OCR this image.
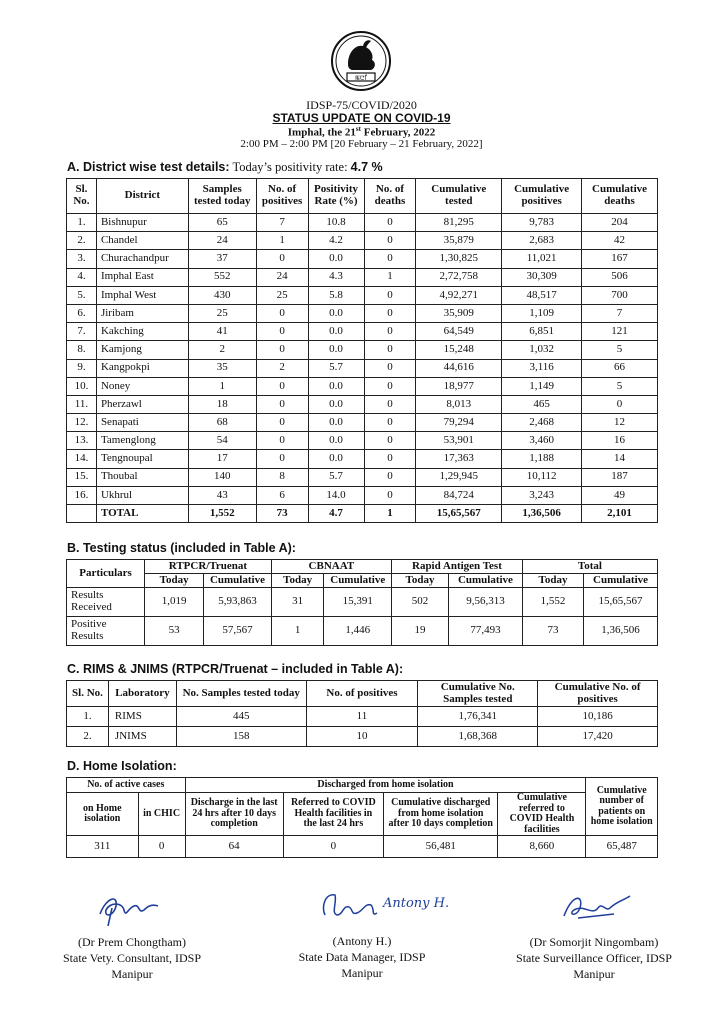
ꯃꯅꯤ
IDSP-75/COVID/2020
STATUS UPDATE ON COVID-19
Imphal, the 21st February, 2022
2:00 PM – 2:00 PM [20 February – 21 February, 2022]
A. District wise test details: Today’s positivity rate: 4.7 %
Sl. No.	District	Samples tested today	No. of positives	Positivity Rate (%)	No. of deaths	Cumulative tested	Cumulative positives	Cumulative deaths
1.	Bishnupur	65	7	10.8	0	81,295	9,783	204
2.	Chandel	24	1	4.2	0	35,879	2,683	42
3.	Churachandpur	37	0	0.0	0	1,30,825	11,021	167
4.	Imphal East	552	24	4.3	1	2,72,758	30,309	506
5.	Imphal West	430	25	5.8	0	4,92,271	48,517	700
6.	Jiribam	25	0	0.0	0	35,909	1,109	7
7.	Kakching	41	0	0.0	0	64,549	6,851	121
8.	Kamjong	2	0	0.0	0	15,248	1,032	5
9.	Kangpokpi	35	2	5.7	0	44,616	3,116	66
10.	Noney	1	0	0.0	0	18,977	1,149	5
11.	Pherzawl	18	0	0.0	0	8,013	465	0
12.	Senapati	68	0	0.0	0	79,294	2,468	12
13.	Tamenglong	54	0	0.0	0	53,901	3,460	16
14.	Tengnoupal	17	0	0.0	0	17,363	1,188	14
15.	Thoubal	140	8	5.7	0	1,29,945	10,112	187
16.	Ukhrul	43	6	14.0	0	84,724	3,243	49
	TOTAL	1,552	73	4.7	1	15,65,567	1,36,506	2,101
B. Testing status (included in Table A):
Particulars	RTPCR/Truenat		CBNAAT		Rapid Antigen Test		Total	
	Today	Cumulative	Today	Cumulative	Today	Cumulative	Today	Cumulative
Results Received	1,019	5,93,863	31	15,391	502	9,56,313	1,552	15,65,567
Positive Results	53	57,567	1	1,446	19	77,493	73	1,36,506
C. RIMS & JNIMS (RTPCR/Truenat – included in Table A):
Sl. No.	Laboratory	No. Samples tested today	No. of positives	Cumulative No. Samples tested	Cumulative No. of positives
1.	RIMS	445	11	1,76,341	10,186
2.	JNIMS	158	10	1,68,368	17,420
D. Home Isolation:
No. of active cases		Discharged from home isolation				Cumulative number of patients on home isolation
on Home isolation	in CHIC	Discharge in the last 24 hrs after 10 days completion	Referred to COVID Health facilities in the last 24 hrs	Cumulative discharged from home isolation after 10 days completion	Cumulative referred to COVID Health facilities	
311	0	64	0	56,481	8,660	65,487
(Dr Prem Chongtham)
State Vety. Consultant, IDSP
Manipur
Antony H.
(Antony H.)
State Data Manager, IDSP
Manipur
(Dr Somorjit Ningombam)
State Surveillance Officer, IDSP
Manipur
